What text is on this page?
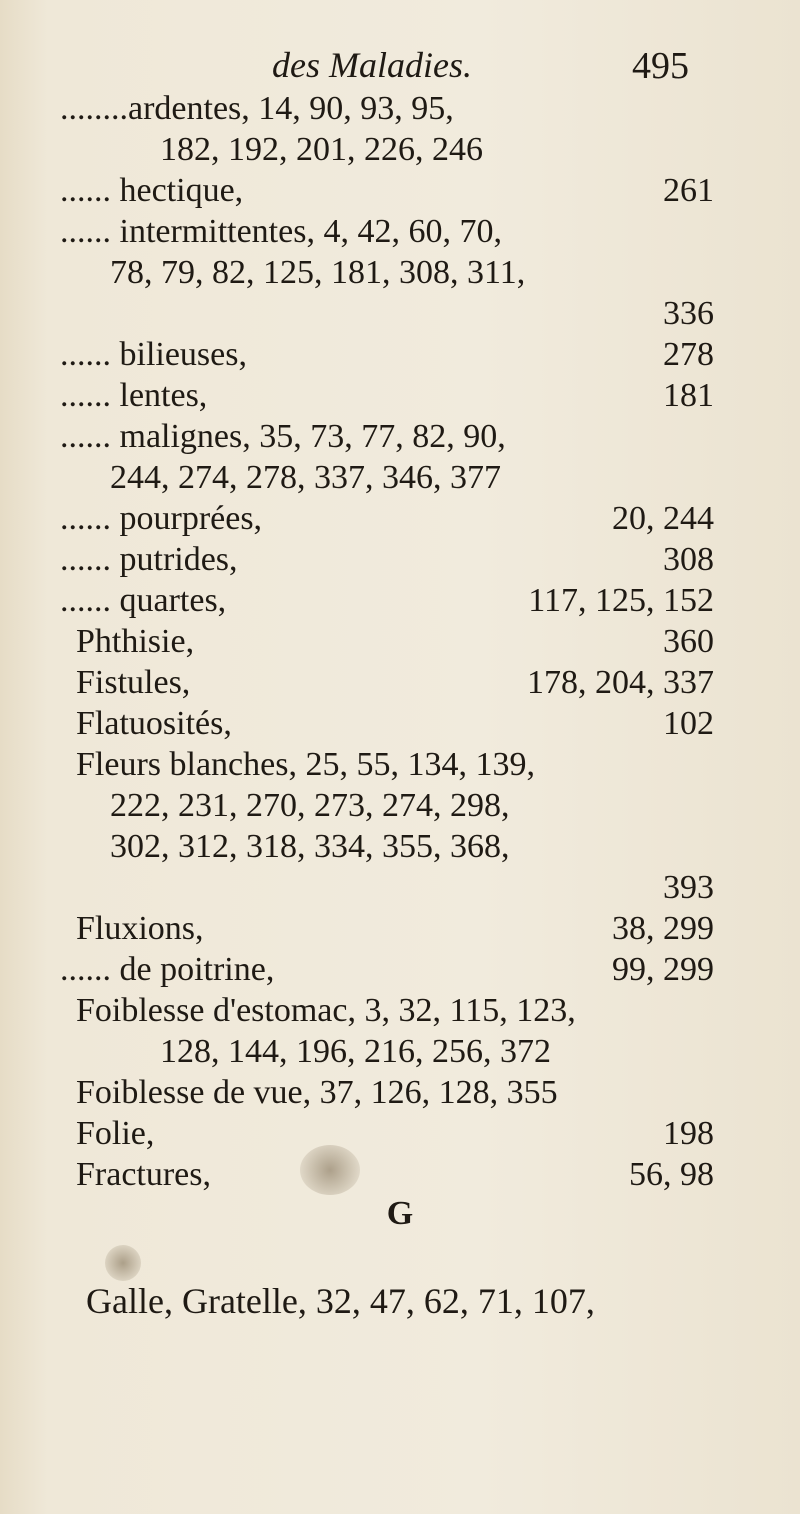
des Maladies.	495
........ardentes, 14, 90, 93, 95,
182, 192, 201, 226, 246
...... hectique,	261
...... intermittentes, 4, 42, 60, 70,
78, 79, 82, 125, 181, 308, 311,
336
...... bilieuses,	278
...... lentes,	181
...... malignes, 35, 73, 77, 82, 90,
244, 274, 278, 337, 346, 377
...... pourprées,	20, 244
...... putrides,	308
...... quartes,	117, 125, 152
Phthisie,	360
Fistules,	178, 204, 337
Flatuosités,	102
Fleurs blanches, 25, 55, 134, 139,
222, 231, 270, 273, 274, 298,
302, 312, 318, 334, 355, 368,
393
Fluxions,	38, 299
...... de poitrine,	99, 299
Foiblesse d'estomac, 3, 32, 115, 123,
128, 144, 196, 216, 256, 372
Foiblesse de vue, 37, 126, 128, 355
Folie,	198
Fractures,	56, 98
G
Galle, Gratelle, 32, 47, 62, 71, 107,
